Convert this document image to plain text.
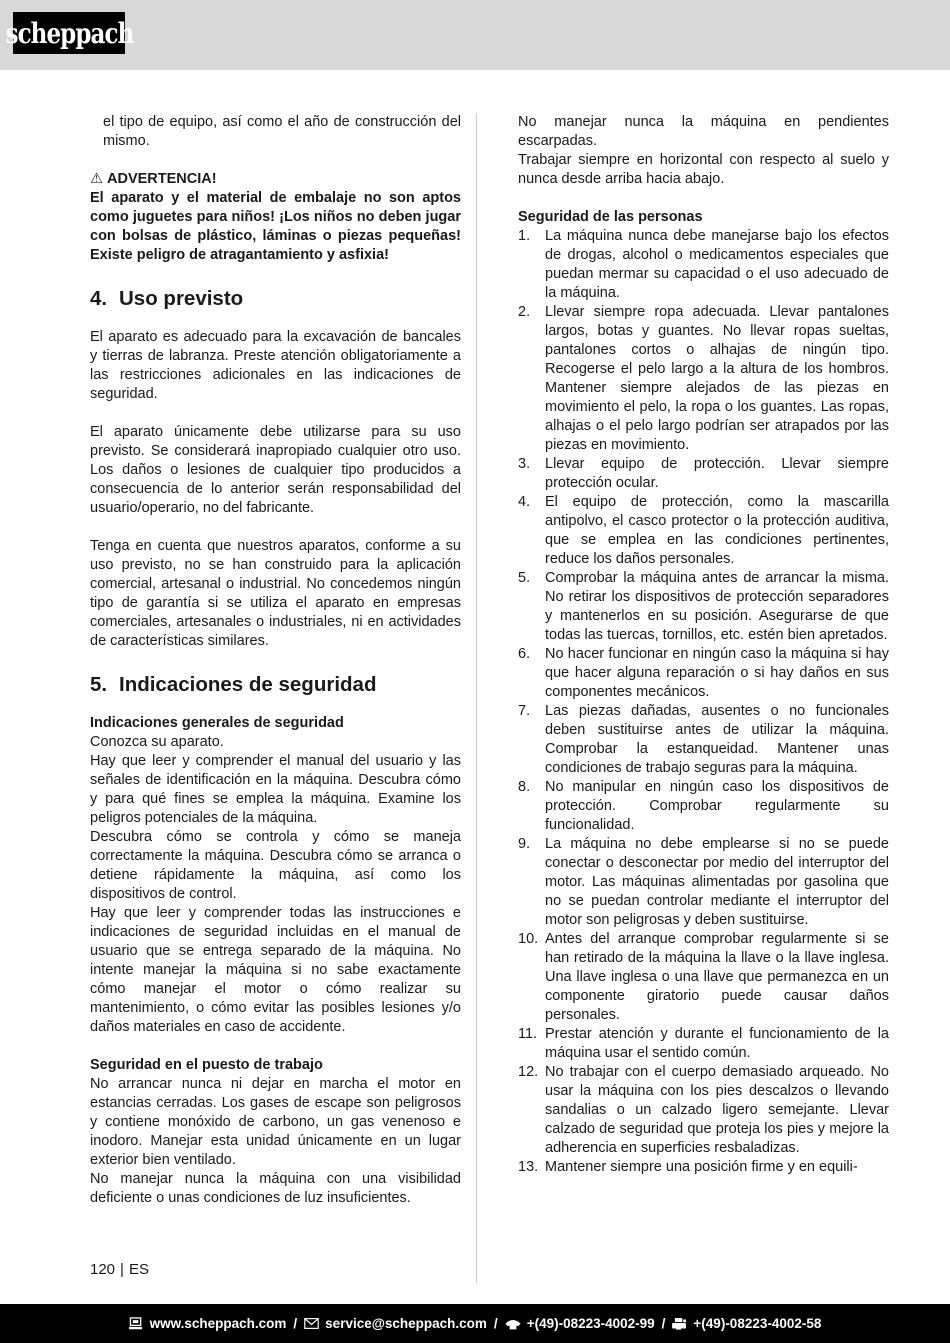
scheppach

el tipo de equipo, así como el año de construcción del mismo.

⚠ ADVERTENCIA!

El aparato y el material de embalaje no son aptos como juguetes para niños! ¡Los niños no deben jugar con bolsas de plástico, láminas o piezas pequeñas! Existe peligro de atragantamiento y asfixia!

4. Uso previsto

El aparato es adecuado para la excavación de bancales y tierras de labranza. Preste atención obligatoriamente a las restricciones adicionales en las indicaciones de seguridad.

El aparato únicamente debe utilizarse para su uso previsto. Se considerará inapropiado cualquier otro uso. Los daños o lesiones de cualquier tipo producidos a consecuencia de lo anterior serán responsabilidad del usuario/operario, no del fabricante.

Tenga en cuenta que nuestros aparatos, conforme a su uso previsto, no se han construido para la aplicación comercial, artesanal o industrial. No concedemos ningún tipo de garantía si se utiliza el aparato en empresas comerciales, artesanales o industriales, ni en actividades de características similares.

5. Indicaciones de seguridad
Indicaciones generales de seguridad

Conozca su aparato.

Hay que leer y comprender el manual del usuario y las señales de identificación en la máquina. Descubra cómo y para qué fines se emplea la máquina. Examine los peligros potenciales de la máquina.

Descubra cómo se controla y cómo se maneja correctamente la máquina. Descubra cómo se arranca o detiene rápidamente la máquina, así como los dispositivos de control.

Hay que leer y comprender todas las instrucciones e indicaciones de seguridad incluidas en el manual de usuario que se entrega separado de la máquina. No intente manejar la máquina si no sabe exactamente cómo manejar el motor o cómo realizar su mantenimiento, o cómo evitar las posibles lesiones y/o daños materiales en caso de accidente.

Seguridad en el puesto de trabajo

No arrancar nunca ni dejar en marcha el motor en estancias cerradas. Los gases de escape son peligrosos y contiene monóxido de carbono, un gas venenoso e inodoro. Manejar esta unidad únicamente en un lugar exterior bien ventilado.

No manejar nunca la máquina con una visibilidad deficiente o unas condiciones de luz insuficientes.

No manejar nunca la máquina en pendientes escarpadas.

Trabajar siempre en horizontal con respecto al suelo y nunca desde arriba hacia abajo.

Seguridad de las personas
1.	La máquina nunca debe manejarse bajo los efectos de drogas, alcohol o medicamentos especiales que puedan mermar su capacidad o el uso adecuado de la máquina.
2.	Llevar siempre ropa adecuada. Llevar pantalones largos, botas y guantes. No llevar ropas sueltas, pantalones cortos o alhajas de ningún tipo. Recogerse el pelo largo a la altura de los hombros. Mantener siempre alejados de las piezas en movimiento el pelo, la ropa o los guantes. Las ropas, alhajas o el pelo largo podrían ser atrapados por las piezas en movimiento.
3.	Llevar equipo de protección. Llevar siempre protección ocular.
4.	El equipo de protección, como la mascarilla antipolvo, el casco protector o la protección auditiva, que se emplea en las condiciones pertinentes, reduce los daños personales.
5.	Comprobar la máquina antes de arrancar la misma. No retirar los dispositivos de protección separadores y mantenerlos en su posición. Asegurarse de que todas las tuercas, tornillos, etc. estén bien apretados.
6.	No hacer funcionar en ningún caso la máquina si hay que hacer alguna reparación o si hay daños en sus componentes mecánicos.
7.	Las piezas dañadas, ausentes o no funcionales deben sustituirse antes de utilizar la máquina. Comprobar la estanqueidad. Mantener unas condiciones de trabajo seguras para la máquina.
8.	No manipular en ningún caso los dispositivos de protección. Comprobar regularmente su funcionalidad.
9.	La máquina no debe emplearse si no se puede conectar o desconectar por medio del interruptor del motor. Las máquinas alimentadas por gasolina que no se puedan controlar mediante el interruptor del motor son peligrosas y deben sustituirse.
10. Antes del arranque comprobar regularmente si se han retirado de la máquina la llave o la llave inglesa. Una llave inglesa o una llave que permanezca en un componente giratorio puede causar daños personales.
11. Prestar atención y durante el funcionamiento de la máquina usar el sentido común.
12. No trabajar con el cuerpo demasiado arqueado. No usar la máquina con los pies descalzos o llevando sandalias o un calzado ligero semejante. Llevar calzado de seguridad que proteja los pies y mejore la adherencia en superficies resbaladizas.
13. Mantener siempre una posición firme y en equili-
120 | ES
www.scheppach.com / service@scheppach.com / +(49)-08223-4002-99 / +(49)-08223-4002-58
